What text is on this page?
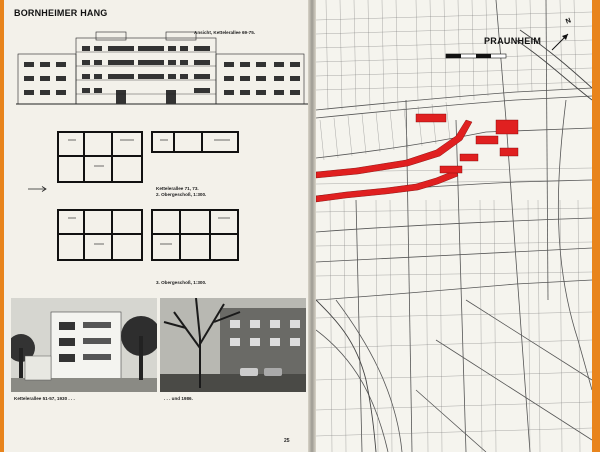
BORNHEIMER HANG
Ansicht, Kettelerallee 69-75.
Kettelerallee 71, 73.
2. Obergeschoß, 1:300.
3. Obergeschoß, 1:300.
Kettelerallee 51-57, 1930 . . .	. . . und 1986.
25
PRAUNHEIM
N
